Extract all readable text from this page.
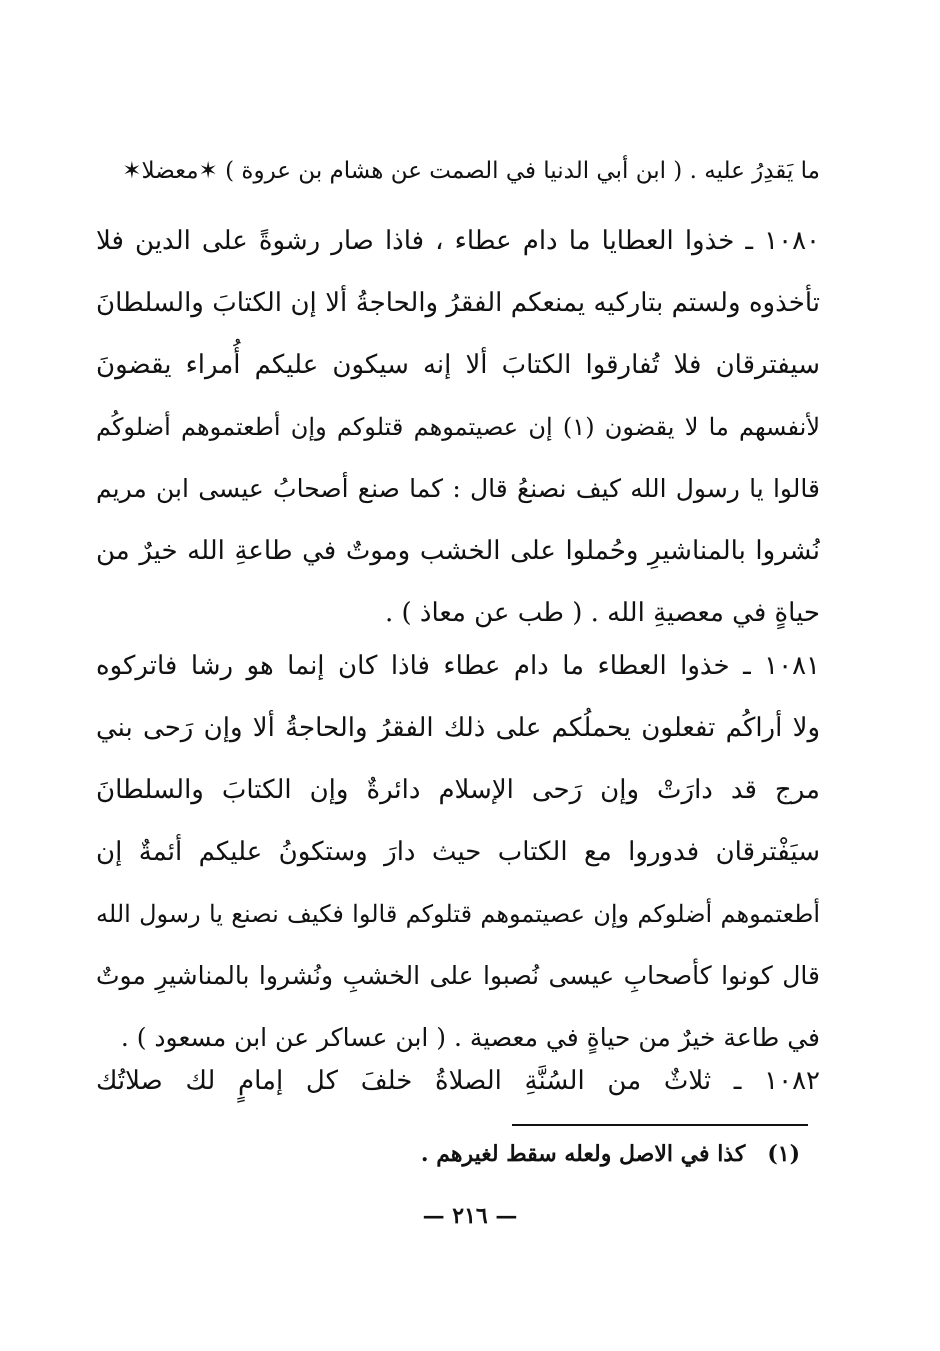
ما يَقدِرُ عليه . ( ابن أبي الدنيا في الصمت عن هشام بن عروة ) ✶معضلا✶
١٠٨٠ ـ خذوا العطايا ما دام عطاء ، فاذا صار رشوةً على الدين فلا
تأخذوه ولستم بتاركيه يمنعكم الفقرُ والحاجةُ ألا إن الكتابَ والسلطانَ
سيفترقان فلا تُفارقوا الكتابَ ألا إنه سيكون عليكم أُمراء يقضونَ
لأنفسهم ما لا يقضون (١) إن عصيتموهم قتلوكم وإن أطعتموهم أضلوكُم
قالوا يا رسول الله كيف نصنعُ قال : كما صنع أصحابُ عيسى ابن مريم
نُشروا بالمناشيرِ وحُملوا على الخشب وموتٌ في طاعةِ الله خيرٌ من
حياةٍ في معصيةِ الله . ( طب عن معاذ ) .
١٠٨١ ـ خذوا العطاء ما دام عطاء فاذا كان إنما هو رشا فاتركوه
ولا أراكُم تفعلون يحملُكم على ذلك الفقرُ والحاجةُ ألا وإن رَحى بني
مرج قد دارَتْ وإن رَحى الإسلام دائرةٌ وإن الكتابَ والسلطانَ
سيَفْترقان فدوروا مع الكتاب حيث دارَ وستكونُ عليكم أئمةٌ إن
أطعتموهم أضلوكم وإن عصيتموهم قتلوكم قالوا فكيف نصنع يا رسول الله
قال كونوا كأصحابِ عيسى نُصبوا على الخشبِ ونُشروا بالمناشيرِ موتٌ
في طاعة خيرٌ من حياةٍ في معصية . ( ابن عساكر عن ابن مسعود ) .
١٠٨٢ ـ ثلاثٌ من السُنَّةِ الصلاةُ خلفَ كل إمامٍ لك صلاتُك
(١)كذا في الاصل ولعله سقط لغيرهم .
— ٢١٦ —
